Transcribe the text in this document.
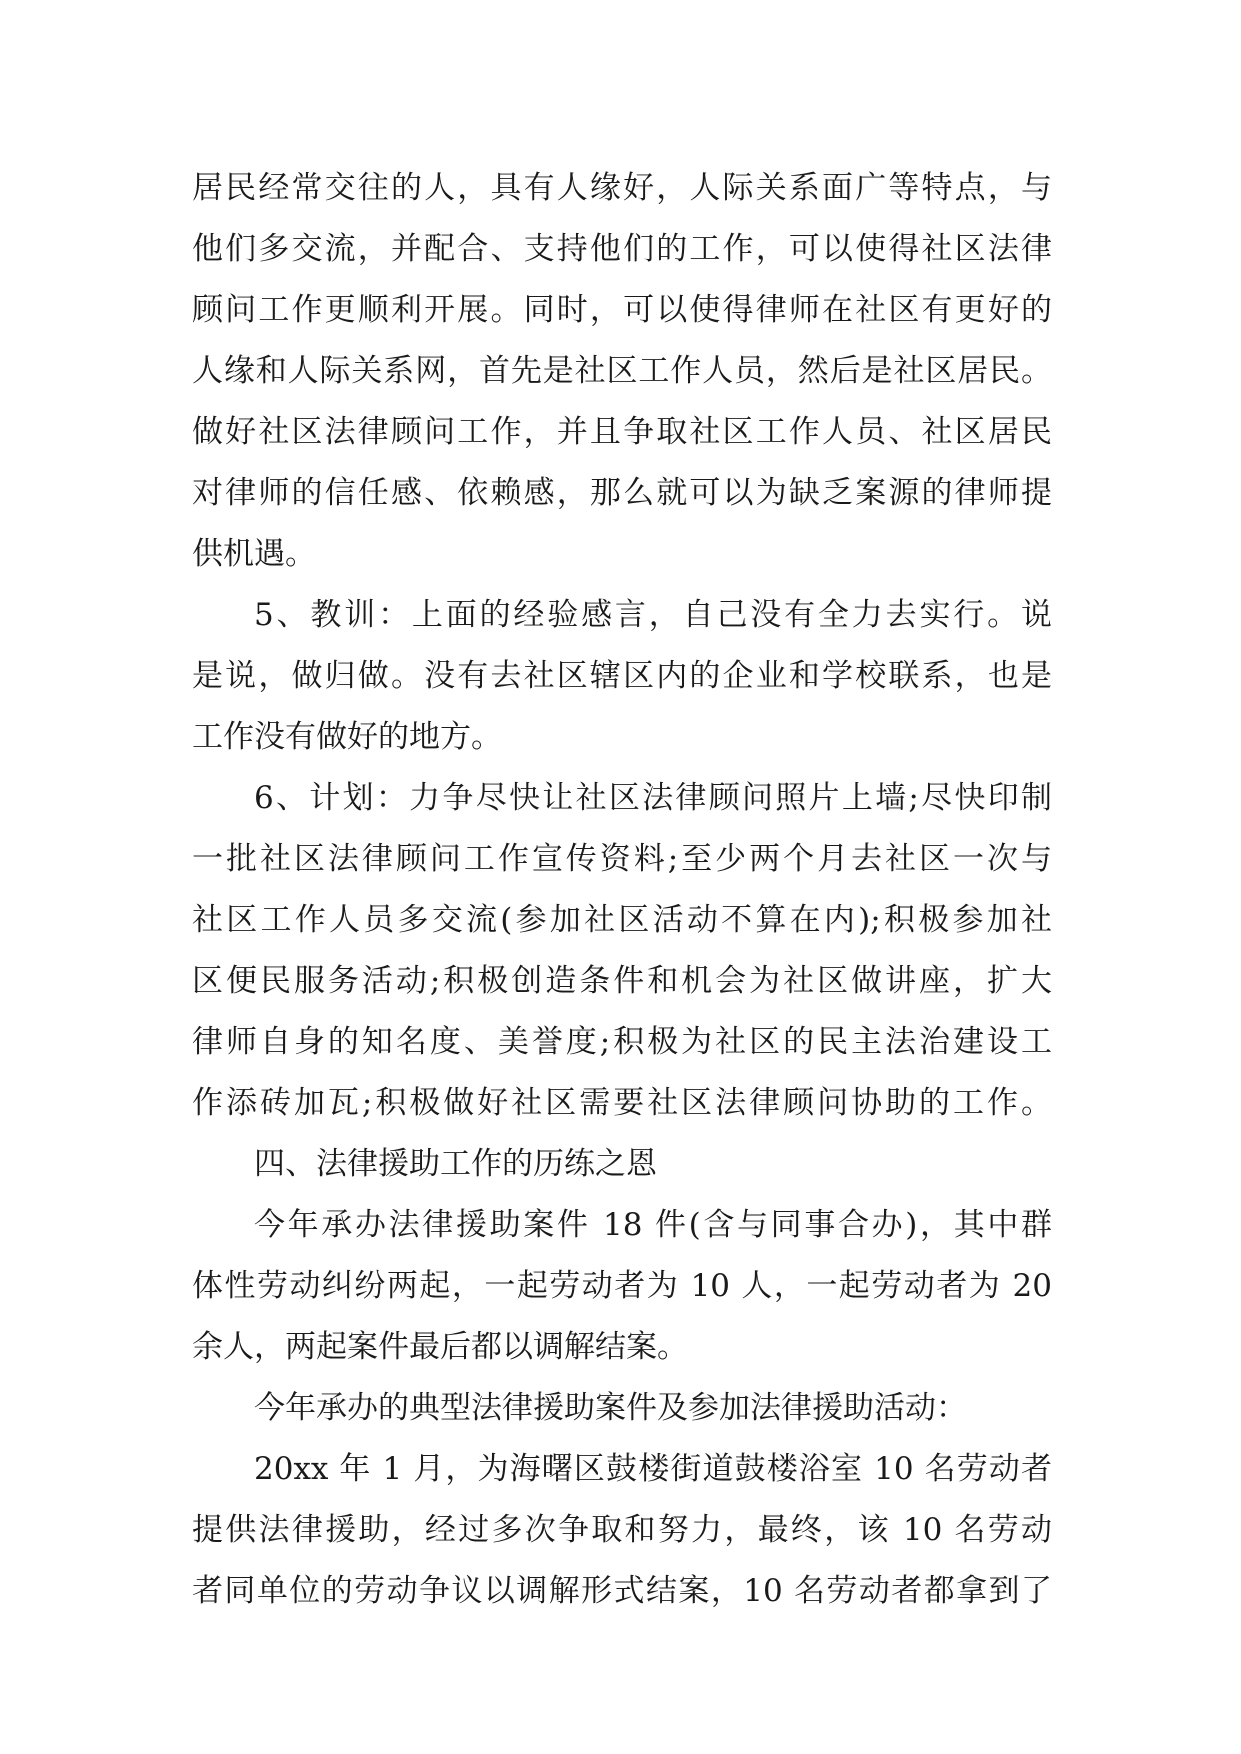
居民经常交往的人，具有人缘好，人际关系面广等特点，与
他们多交流，并配合、支持他们的工作，可以使得社区法律
顾问工作更顺利开展。同时，可以使得律师在社区有更好的
人缘和人际关系网，首先是社区工作人员，然后是社区居民。
做好社区法律顾问工作，并且争取社区工作人员、社区居民
对律师的信任感、依赖感，那么就可以为缺乏案源的律师提
供机遇。
5、教训：上面的经验感言，自己没有全力去实行。说
是说，做归做。没有去社区辖区内的企业和学校联系，也是
工作没有做好的地方。
6、计划：力争尽快让社区法律顾问照片上墙;尽快印制
一批社区法律顾问工作宣传资料;至少两个月去社区一次与
社区工作人员多交流(参加社区活动不算在内);积极参加社
区便民服务活动;积极创造条件和机会为社区做讲座，扩大
律师自身的知名度、美誉度;积极为社区的民主法治建设工
作添砖加瓦;积极做好社区需要社区法律顾问协助的工作。
四、法律援助工作的历练之恩
今年承办法律援助案件 18 件(含与同事合办)，其中群
体性劳动纠纷两起，一起劳动者为 10 人，一起劳动者为 20
余人，两起案件最后都以调解结案。
今年承办的典型法律援助案件及参加法律援助活动：
20xx 年 1 月，为海曙区鼓楼街道鼓楼浴室 10 名劳动者
提供法律援助，经过多次争取和努力，最终，该 10 名劳动
者同单位的劳动争议以调解形式结案，10 名劳动者都拿到了
